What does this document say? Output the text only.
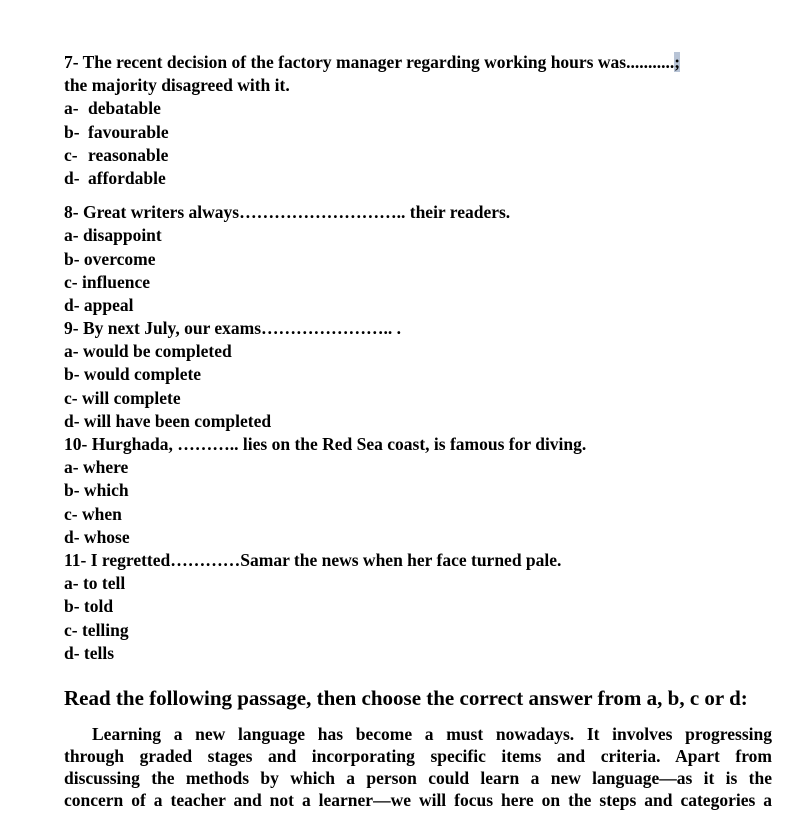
7- The recent decision of the factory manager regarding working hours was...........;
the majority disagreed with it.
a- debatable
b- favourable
c- reasonable
d- affordable
8- Great writers always……………………….. their readers.
a- disappoint
b- overcome
c- influence
d- appeal
9- By next July, our exams………………….. .
a- would be completed
b- would complete
c- will complete
d- will have been completed
10- Hurghada, ……….. lies on the Red Sea coast, is famous for diving.
a- where
b- which
c- when
d- whose
11- I regretted…………Samar the news when her face turned pale.
a- to tell
b- told
c- telling
d- tells
Read the following passage, then choose the correct answer from a, b, c or d:
Learning a new language has become a must nowadays. It involves progressing
through graded stages and incorporating specific items and criteria. Apart from
discussing the methods by which a person could learn a new language—as it is the
concern of a teacher and not a learner—we will focus here on the steps and categories a
